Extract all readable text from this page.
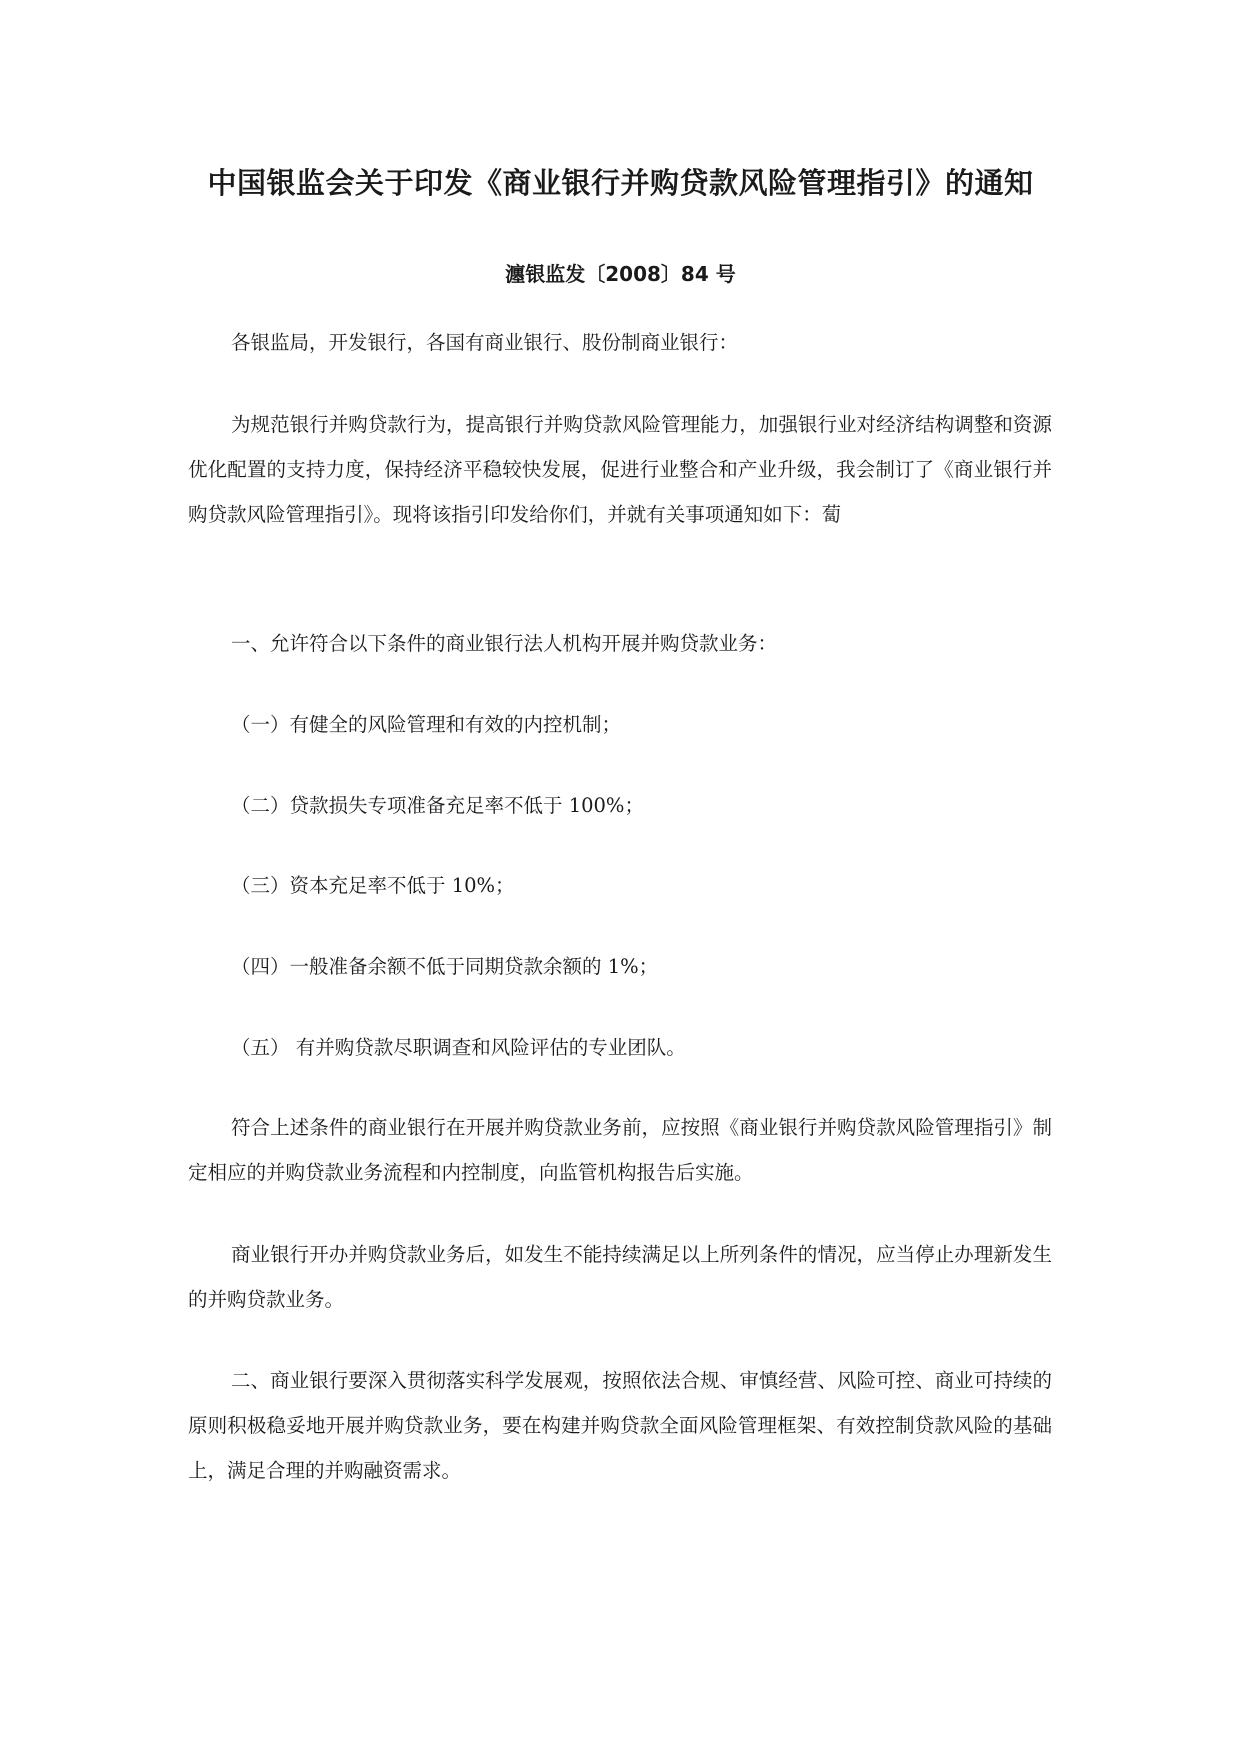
中国银监会关于印发《商业银行并购贷款风险管理指引》的通知
瀍银监发〔2008〕84 号

各银监局，开发银行，各国有商业银行、股份制商业银行：

为规范银行并购贷款行为，提高银行并购贷款风险管理能力，加强银行业对经济结构调整和资源优化配置的支持力度，保持经济平稳较快发展，促进行业整合和产业升级，我会制订了《商业银行并购贷款风险管理指引》。现将该指引印发给你们，并就有关事项通知如下：蔔

一、允许符合以下条件的商业银行法人机构开展并购贷款业务：

（一）有健全的风险管理和有效的内控机制；

（二）贷款损失专项准备充足率不低于 100%；

（三）资本充足率不低于 10%；

（四）一般准备余额不低于同期贷款余额的 1%；

（五） 有并购贷款尽职调查和风险评估的专业团队。

符合上述条件的商业银行在开展并购贷款业务前，应按照《商业银行并购贷款风险管理指引》制定相应的并购贷款业务流程和内控制度，向监管机构报告后实施。

商业银行开办并购贷款业务后，如发生不能持续满足以上所列条件的情况，应当停止办理新发生的并购贷款业务。

二、商业银行要深入贯彻落实科学发展观，按照依法合规、审慎经营、风险可控、商业可持续的原则积极稳妥地开展并购贷款业务，要在构建并购贷款全面风险管理框架、有效控制贷款风险的基础上，满足合理的并购融资需求。
